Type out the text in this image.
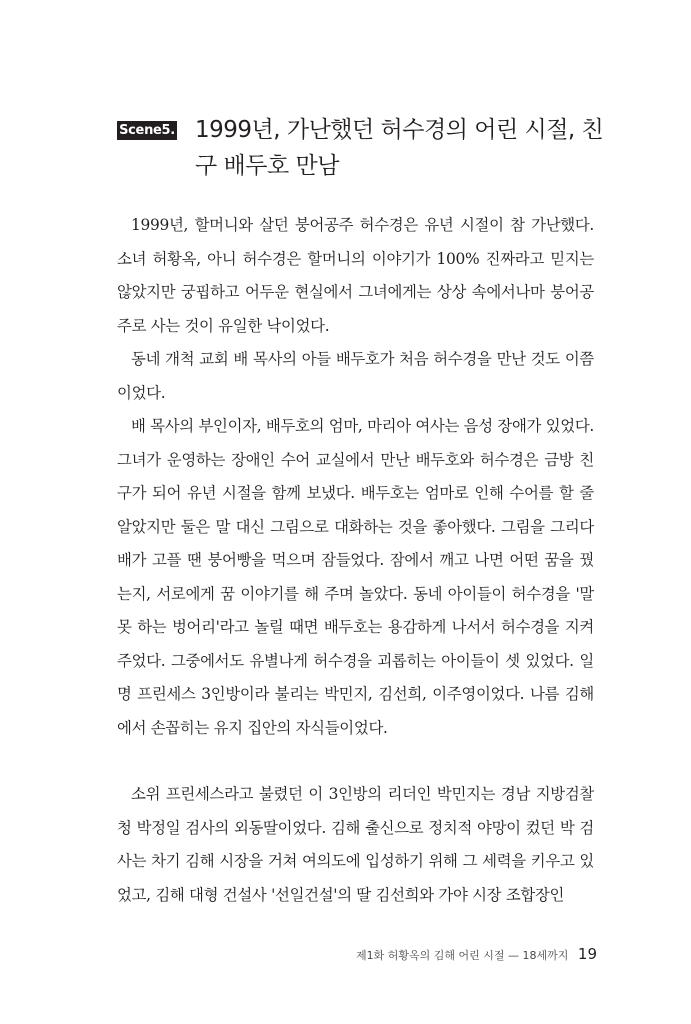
Scene5. 1999년, 가난했던 허수경의 어린 시절, 친구 배두호 만남

1999년, 할머니와 살던 붕어공주 허수경은 유년 시절이 참 가난했다. 소녀 허황옥, 아니 허수경은 할머니의 이야기가 100% 진짜라고 믿지는 않았지만 궁핍하고 어두운 현실에서 그녀에게는 상상 속에서나마 붕어공주로 사는 것이 유일한 낙이었다.

동네 개척 교회 배 목사의 아들 배두호가 처음 허수경을 만난 것도 이쯤이었다.

배 목사의 부인이자, 배두호의 엄마, 마리아 여사는 음성 장애가 있었다. 그녀가 운영하는 장애인 수어 교실에서 만난 배두호와 허수경은 금방 친구가 되어 유년 시절을 함께 보냈다. 배두호는 엄마로 인해 수어를 할 줄 알았지만 둘은 말 대신 그림으로 대화하는 것을 좋아했다. 그림을 그리다 배가 고플 땐 붕어빵을 먹으며 잠들었다. 잠에서 깨고 나면 어떤 꿈을 꿨는지, 서로에게 꿈 이야기를 해 주며 놀았다. 동네 아이들이 허수경을 '말 못 하는 벙어리'라고 놀릴 때면 배두호는 용감하게 나서서 허수경을 지켜 주었다. 그중에서도 유별나게 허수경을 괴롭히는 아이들이 셋 있었다. 일명 프린세스 3인방이라 불리는 박민지, 김선희, 이주영이었다. 나름 김해에서 손꼽히는 유지 집안의 자식들이었다.

소위 프린세스라고 불렸던 이 3인방의 리더인 박민지는 경남 지방검찰청 박정일 검사의 외동딸이었다. 김해 출신으로 정치적 야망이 컸던 박 검사는 차기 김해 시장을 거쳐 여의도에 입성하기 위해 그 세력을 키우고 있었고, 김해 대형 건설사 '선일건설'의 딸 김선희와 가야 시장 조합장인

제1화 허황옥의 김해 어린 시절 — 18세까지 19
